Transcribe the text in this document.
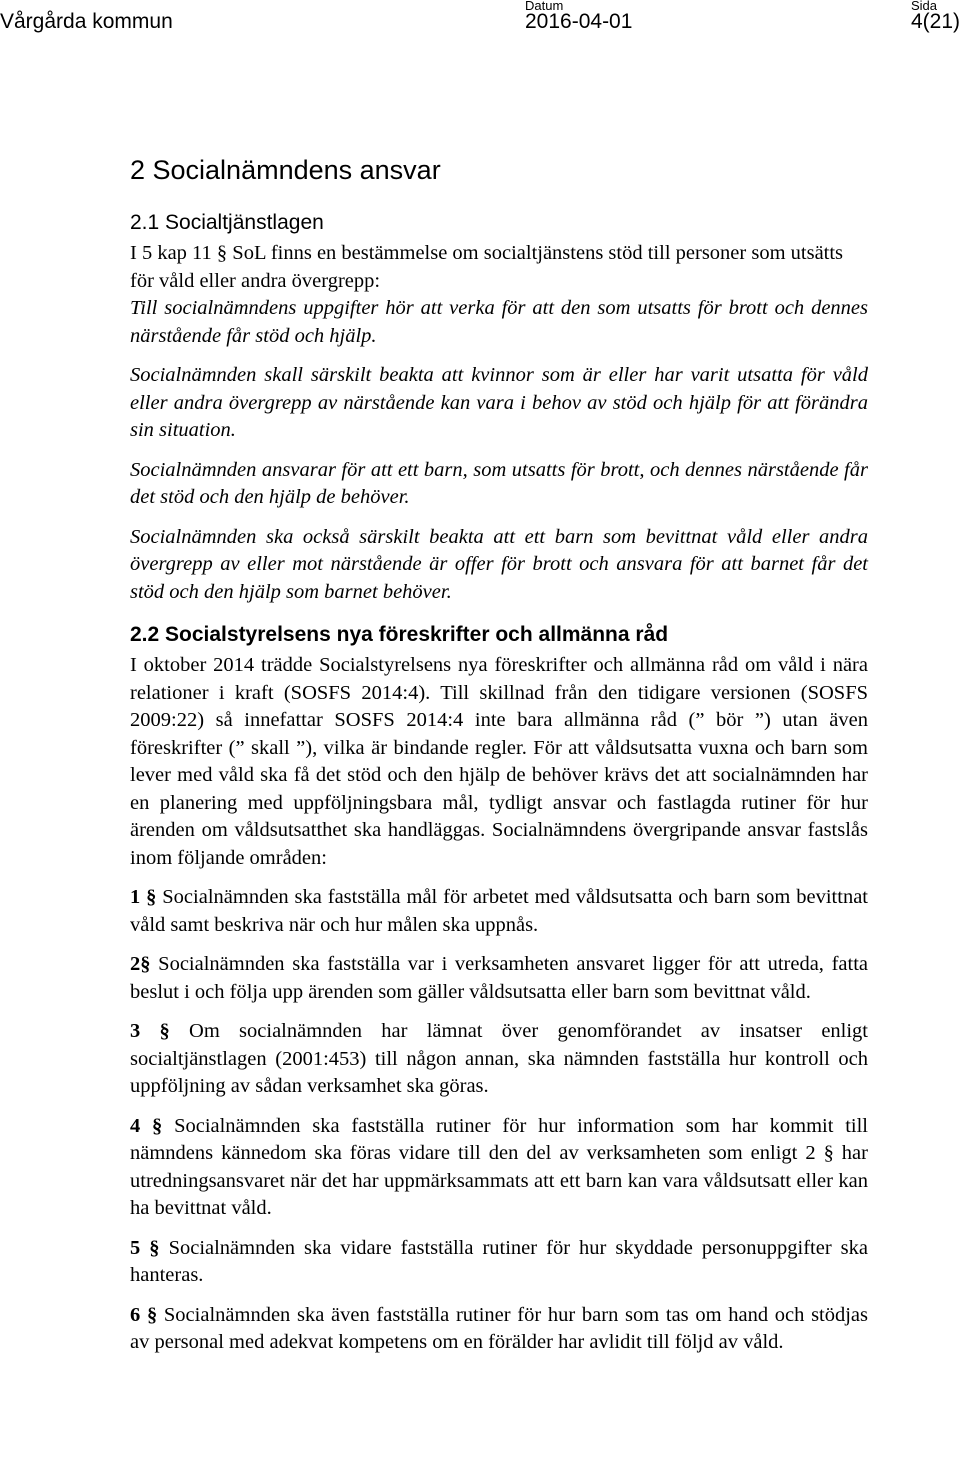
Vårgårda kommun
Datum
2016-04-01
Sida
4(21)
2 Socialnämndens ansvar
2.1 Socialtjänstlagen

I 5 kap 11 § SoL finns en bestämmelse om socialtjänstens stöd till personer som utsätts för våld eller andra övergrepp:

Till socialnämndens uppgifter hör att verka för att den som utsatts för brott och dennes närstående får stöd och hjälp.

Socialnämnden skall särskilt beakta att kvinnor som är eller har varit utsatta för våld eller andra övergrepp av närstående kan vara i behov av stöd och hjälp för att förändra sin situation.

Socialnämnden ansvarar för att ett barn, som utsatts för brott, och dennes närstående får det stöd och den hjälp de behöver.

Socialnämnden ska också särskilt beakta att ett barn som bevittnat våld eller andra övergrepp av eller mot närstående är offer för brott och ansvara för att barnet får det stöd och den hjälp som barnet behöver.

2.2 Socialstyrelsens nya föreskrifter och allmänna råd

I oktober 2014 trädde Socialstyrelsens nya föreskrifter och allmänna råd om våld i nära relationer i kraft (SOSFS 2014:4). Till skillnad från den tidigare versionen (SOSFS 2009:22) så innefattar SOSFS 2014:4 inte bara allmänna råd (” bör ”) utan även föreskrifter (” skall ”), vilka är bindande regler. För att våldsutsatta vuxna och barn som lever med våld ska få det stöd och den hjälp de behöver krävs det att socialnämnden har en planering med uppföljningsbara mål, tydligt ansvar och fastlagda rutiner för hur ärenden om våldsutsatthet ska handläggas. Socialnämndens övergripande ansvar fastslås inom följande områden:

1 § Socialnämnden ska fastställa mål för arbetet med våldsutsatta och barn som bevittnat våld samt beskriva när och hur målen ska uppnås.

2§ Socialnämnden ska fastställa var i verksamheten ansvaret ligger för att utreda, fatta beslut i och följa upp ärenden som gäller våldsutsatta eller barn som bevittnat våld.

3 § Om socialnämnden har lämnat över genomförandet av insatser enligt socialtjänstlagen (2001:453) till någon annan, ska nämnden fastställa hur kontroll och uppföljning av sådan verksamhet ska göras.

4 § Socialnämnden ska fastställa rutiner för hur information som har kommit till nämndens kännedom ska föras vidare till den del av verksamheten som enligt 2 § har utredningsansvaret när det har uppmärksammats att ett barn kan vara våldsutsatt eller kan ha bevittnat våld.

5 § Socialnämnden ska vidare fastställa rutiner för hur skyddade personuppgifter ska hanteras.

6 § Socialnämnden ska även fastställa rutiner för hur barn som tas om hand och stödjas av personal med adekvat kompetens om en förälder har avlidit till följd av våld.
